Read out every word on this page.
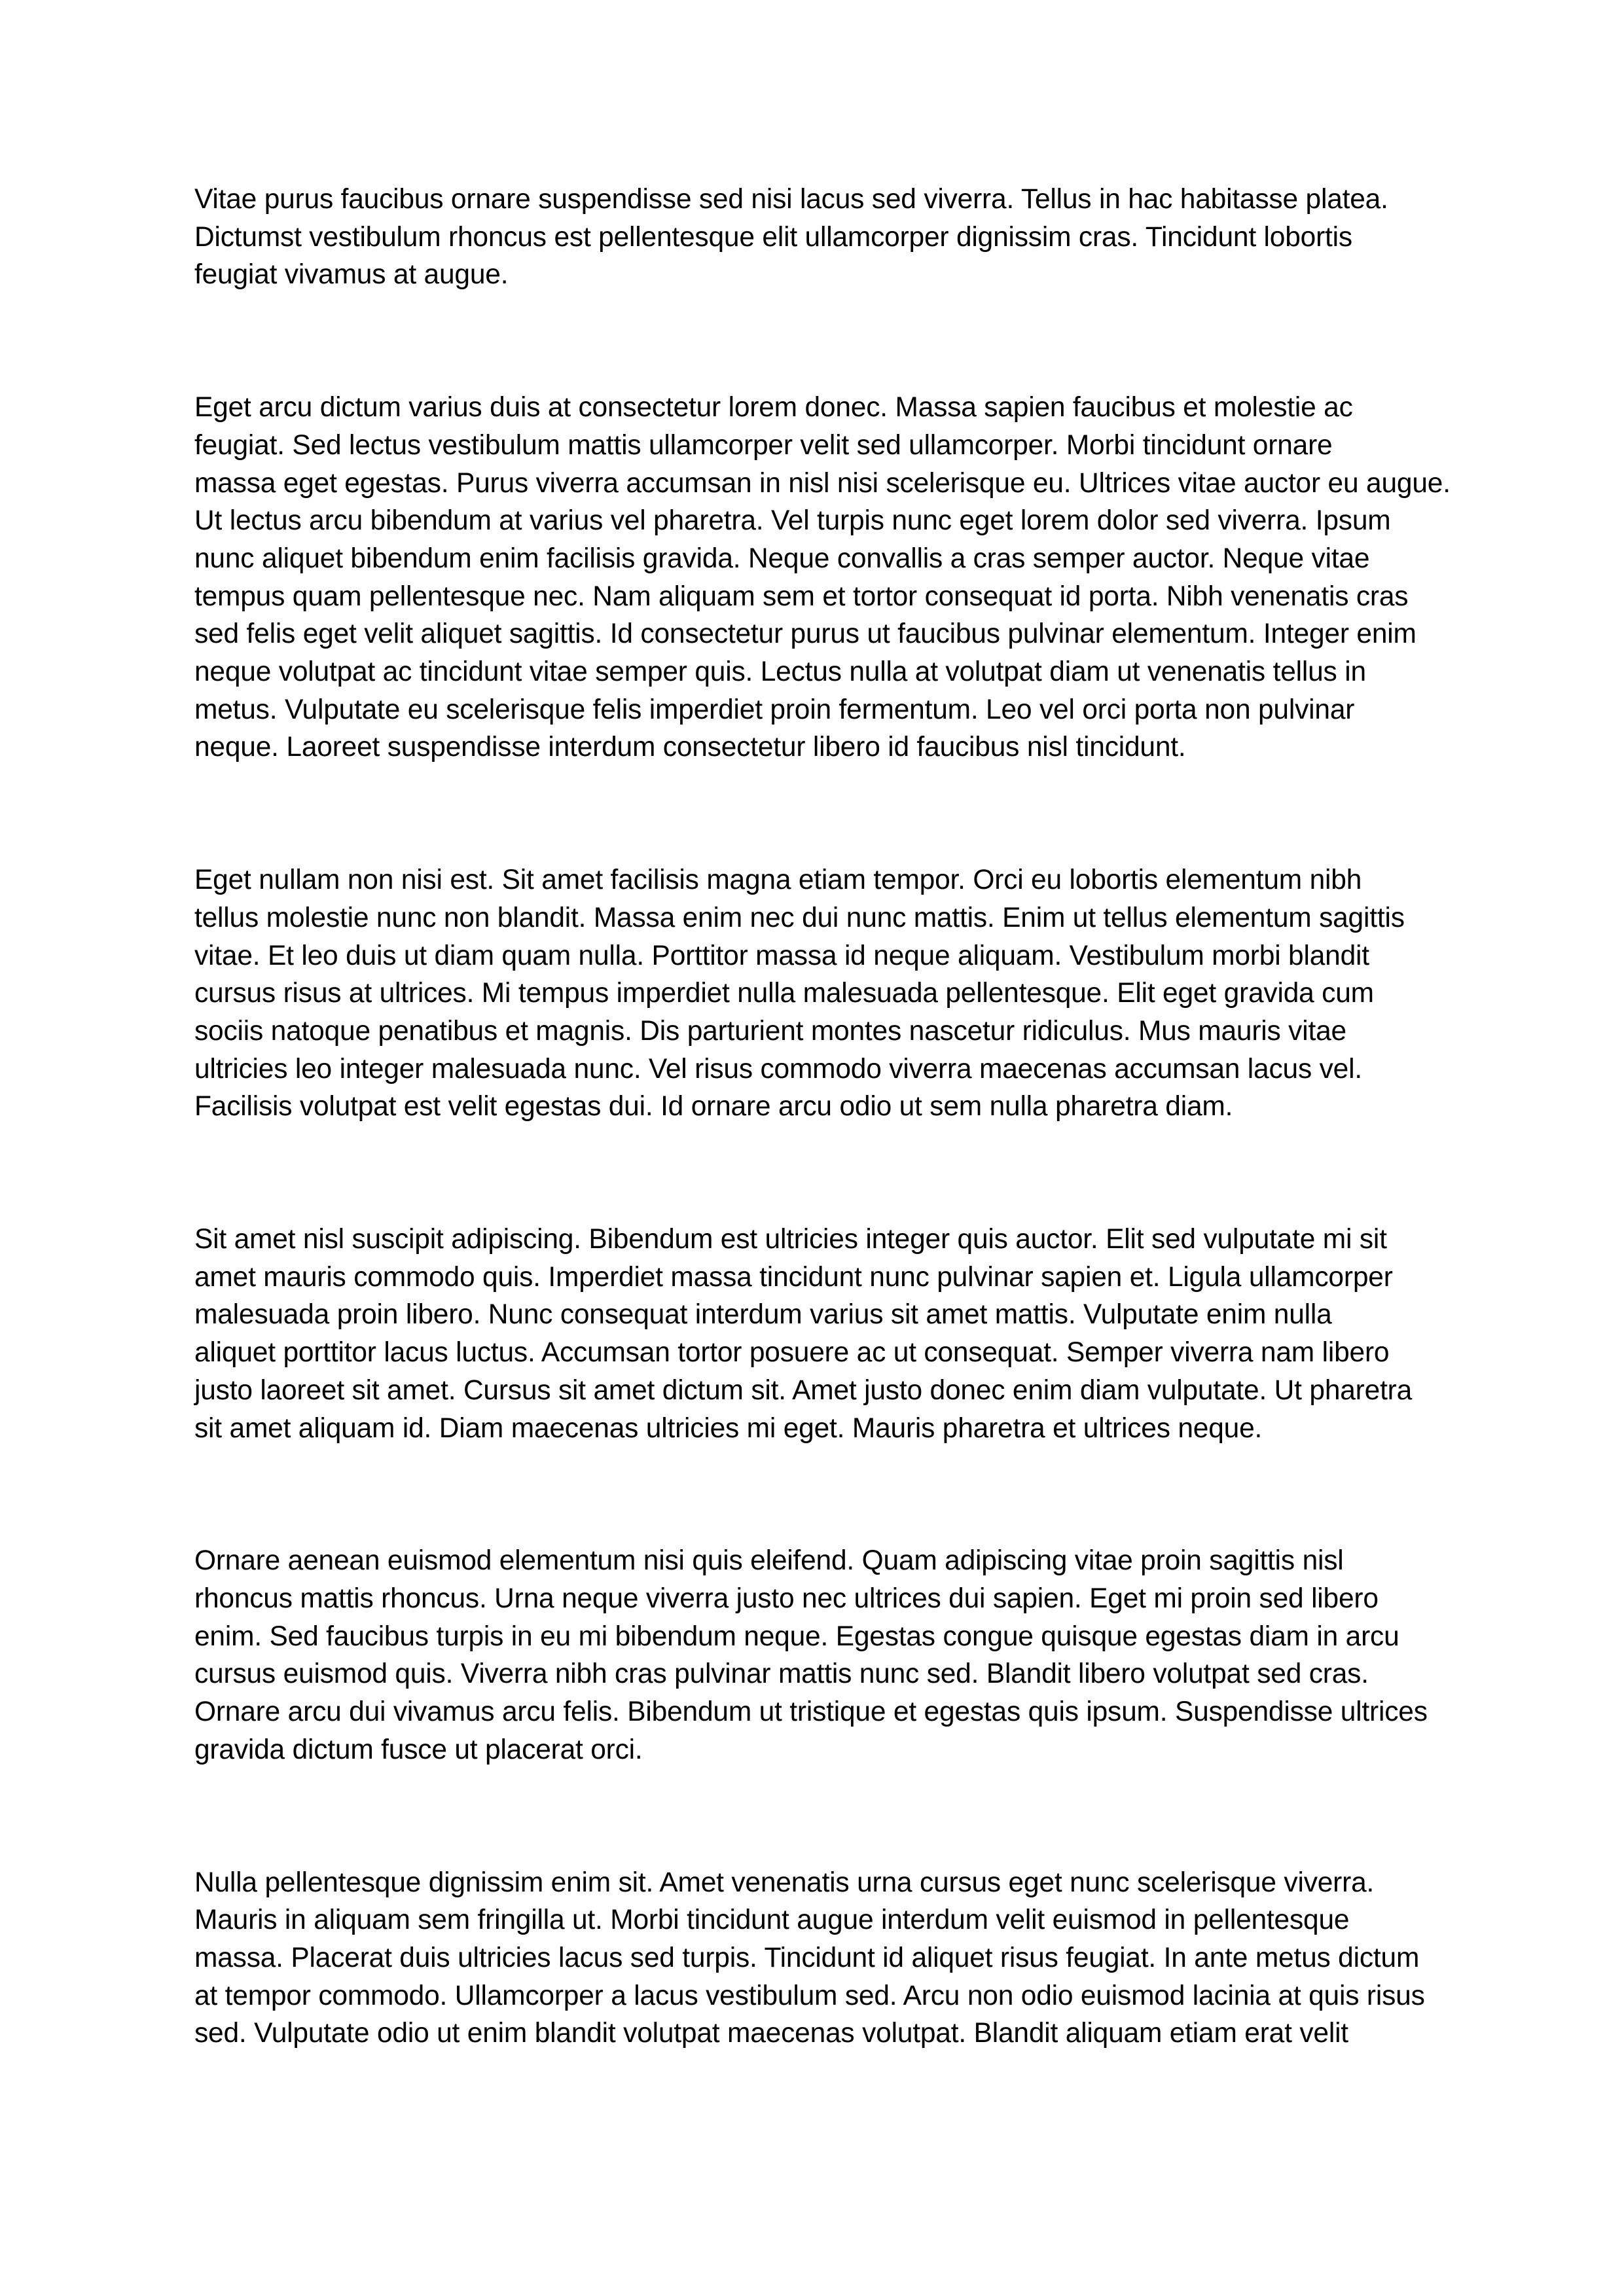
Vitae purus faucibus ornare suspendisse sed nisi lacus sed viverra. Tellus in hac habitasse platea.
Dictumst vestibulum rhoncus est pellentesque elit ullamcorper dignissim cras. Tincidunt lobortis
feugiat vivamus at augue.

Eget arcu dictum varius duis at consectetur lorem donec. Massa sapien faucibus et molestie ac
feugiat. Sed lectus vestibulum mattis ullamcorper velit sed ullamcorper. Morbi tincidunt ornare
massa eget egestas. Purus viverra accumsan in nisl nisi scelerisque eu. Ultrices vitae auctor eu augue.
Ut lectus arcu bibendum at varius vel pharetra. Vel turpis nunc eget lorem dolor sed viverra. Ipsum
nunc aliquet bibendum enim facilisis gravida. Neque convallis a cras semper auctor. Neque vitae
tempus quam pellentesque nec. Nam aliquam sem et tortor consequat id porta. Nibh venenatis cras
sed felis eget velit aliquet sagittis. Id consectetur purus ut faucibus pulvinar elementum. Integer enim
neque volutpat ac tincidunt vitae semper quis. Lectus nulla at volutpat diam ut venenatis tellus in
metus. Vulputate eu scelerisque felis imperdiet proin fermentum. Leo vel orci porta non pulvinar
neque. Laoreet suspendisse interdum consectetur libero id faucibus nisl tincidunt.

Eget nullam non nisi est. Sit amet facilisis magna etiam tempor. Orci eu lobortis elementum nibh
tellus molestie nunc non blandit. Massa enim nec dui nunc mattis. Enim ut tellus elementum sagittis
vitae. Et leo duis ut diam quam nulla. Porttitor massa id neque aliquam. Vestibulum morbi blandit
cursus risus at ultrices. Mi tempus imperdiet nulla malesuada pellentesque. Elit eget gravida cum
sociis natoque penatibus et magnis. Dis parturient montes nascetur ridiculus. Mus mauris vitae
ultricies leo integer malesuada nunc. Vel risus commodo viverra maecenas accumsan lacus vel.
Facilisis volutpat est velit egestas dui. Id ornare arcu odio ut sem nulla pharetra diam.

Sit amet nisl suscipit adipiscing. Bibendum est ultricies integer quis auctor. Elit sed vulputate mi sit
amet mauris commodo quis. Imperdiet massa tincidunt nunc pulvinar sapien et. Ligula ullamcorper
malesuada proin libero. Nunc consequat interdum varius sit amet mattis. Vulputate enim nulla
aliquet porttitor lacus luctus. Accumsan tortor posuere ac ut consequat. Semper viverra nam libero
justo laoreet sit amet. Cursus sit amet dictum sit. Amet justo donec enim diam vulputate. Ut pharetra
sit amet aliquam id. Diam maecenas ultricies mi eget. Mauris pharetra et ultrices neque.

Ornare aenean euismod elementum nisi quis eleifend. Quam adipiscing vitae proin sagittis nisl
rhoncus mattis rhoncus. Urna neque viverra justo nec ultrices dui sapien. Eget mi proin sed libero
enim. Sed faucibus turpis in eu mi bibendum neque. Egestas congue quisque egestas diam in arcu
cursus euismod quis. Viverra nibh cras pulvinar mattis nunc sed. Blandit libero volutpat sed cras.
Ornare arcu dui vivamus arcu felis. Bibendum ut tristique et egestas quis ipsum. Suspendisse ultrices
gravida dictum fusce ut placerat orci.

Nulla pellentesque dignissim enim sit. Amet venenatis urna cursus eget nunc scelerisque viverra.
Mauris in aliquam sem fringilla ut. Morbi tincidunt augue interdum velit euismod in pellentesque
massa. Placerat duis ultricies lacus sed turpis. Tincidunt id aliquet risus feugiat. In ante metus dictum
at tempor commodo. Ullamcorper a lacus vestibulum sed. Arcu non odio euismod lacinia at quis risus
sed. Vulputate odio ut enim blandit volutpat maecenas volutpat. Blandit aliquam etiam erat velit
